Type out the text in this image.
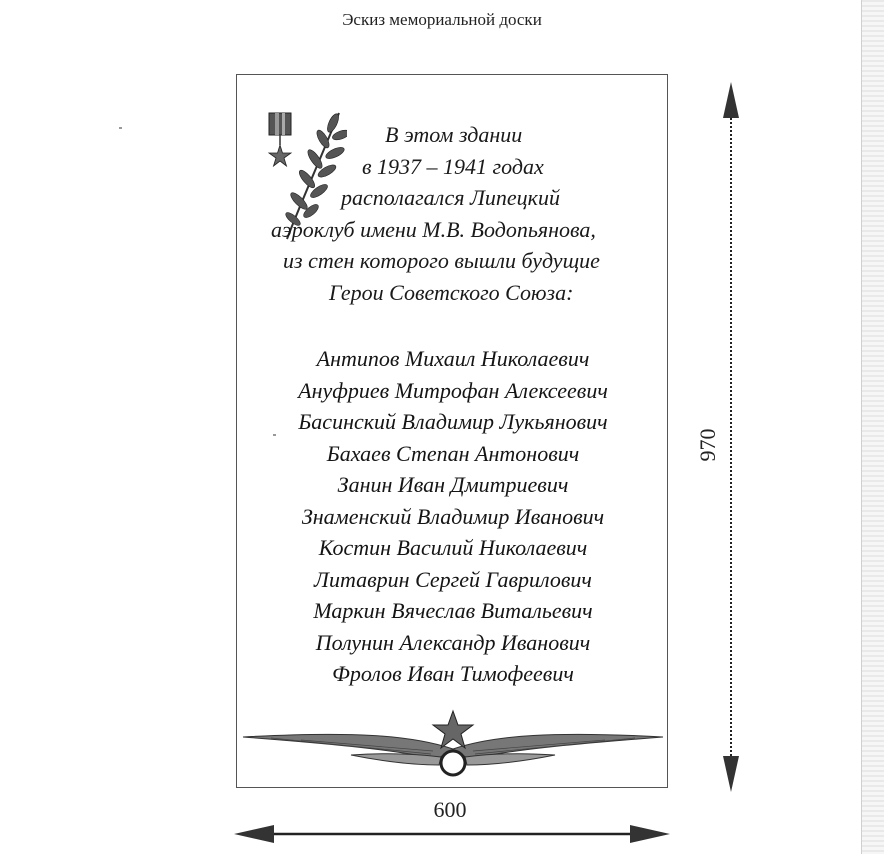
Эскиз мемориальной доски
В этом здании
в 1937 – 1941 годах
располагался Липецкий
аэроклуб имени М.В. Водопьянова,
из стен которого вышли будущие
Герои Советского Союза:
Антипов Михаил Николаевич
Ануфриев Митрофан Алексеевич
Басинский Владимир Лукьянович
Бахаев Степан Антонович
Занин Иван Дмитриевич
Знаменский Владимир Иванович
Костин Василий Николаевич
Литаврин Сергей Гаврилович
Маркин Вячеслав Витальевич
Полунин Александр Иванович
Фролов Иван Тимофеевич
970
600
